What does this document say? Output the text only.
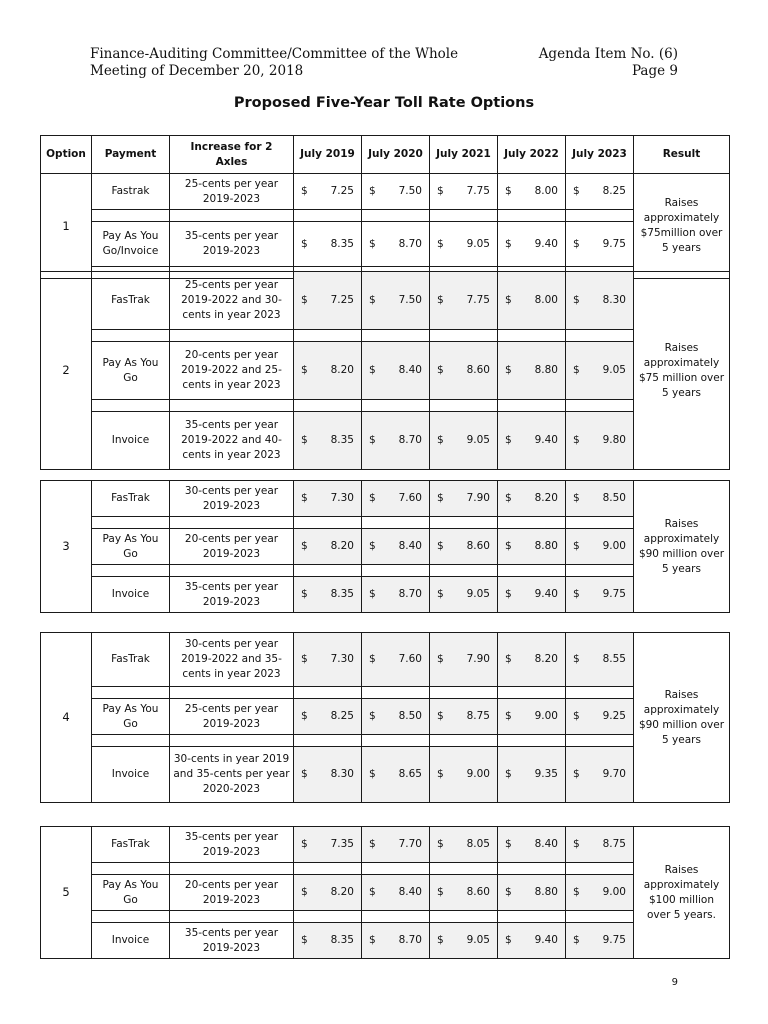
Finance-Auditing Committee/Committee of the Whole
Meeting of December 20, 2018
Agenda Item No. (6)
Page 9
Proposed Five-Year Toll Rate Options
Option	Payment	Increase for 2 Axles	July 2019	July 2020	July 2021	July 2022	July 2023	Result
1	Fastrak	25-cents per year 2019-2023	$ 7.25	$ 7.50	$ 7.75	$ 8.00	$ 8.25	Raises approximately $75million over 5 years

	Pay As You Go/Invoice	35-cents per year 2019-2023	$ 8.35	$ 8.70	$ 9.05	$ 9.40	$ 9.75	

2	FasTrak	25-cents per year 2019-2022 and 30-cents in year 2023	$ 7.25	$ 7.50	$ 7.75	$ 8.00	$ 8.30	Raises approximately $75 million over 5 years

	Pay As You Go	20-cents per year 2019-2022 and 25-cents in year 2023	$ 8.20	$ 8.40	$ 8.60	$ 8.80	$ 9.05	

	Invoice	35-cents per year 2019-2022 and 40-cents in year 2023	$ 8.35	$ 8.70	$ 9.05	$ 9.40	$ 9.80	
3	FasTrak	30-cents per year 2019-2023	$ 7.30	$ 7.60	$ 7.90	$ 8.20	$ 8.50	Raises approximately $90 million over 5 years

	Pay As You Go	20-cents per year 2019-2023	$ 8.20	$ 8.40	$ 8.60	$ 8.80	$ 9.00	

	Invoice	35-cents per year 2019-2023	$ 8.35	$ 8.70	$ 9.05	$ 9.40	$ 9.75	
4	FasTrak	30-cents per year 2019-2022 and 35-cents in year 2023	$ 7.30	$ 7.60	$ 7.90	$ 8.20	$ 8.55	Raises approximately $90 million over 5 years

	Pay As You Go	25-cents per year 2019-2023	$ 8.25	$ 8.50	$ 8.75	$ 9.00	$ 9.25	

	Invoice	30-cents in year 2019 and 35-cents per year 2020-2023	$ 8.30	$ 8.65	$ 9.00	$ 9.35	$ 9.70	
5	FasTrak	35-cents per year 2019-2023	$ 7.35	$ 7.70	$ 8.05	$ 8.40	$ 8.75	Raises approximately $100 million over 5 years.

	Pay As You Go	20-cents per year 2019-2023	$ 8.20	$ 8.40	$ 8.60	$ 8.80	$ 9.00	

	Invoice	35-cents per year 2019-2023	$ 8.35	$ 8.70	$ 9.05	$ 9.40	$ 9.75	
9
